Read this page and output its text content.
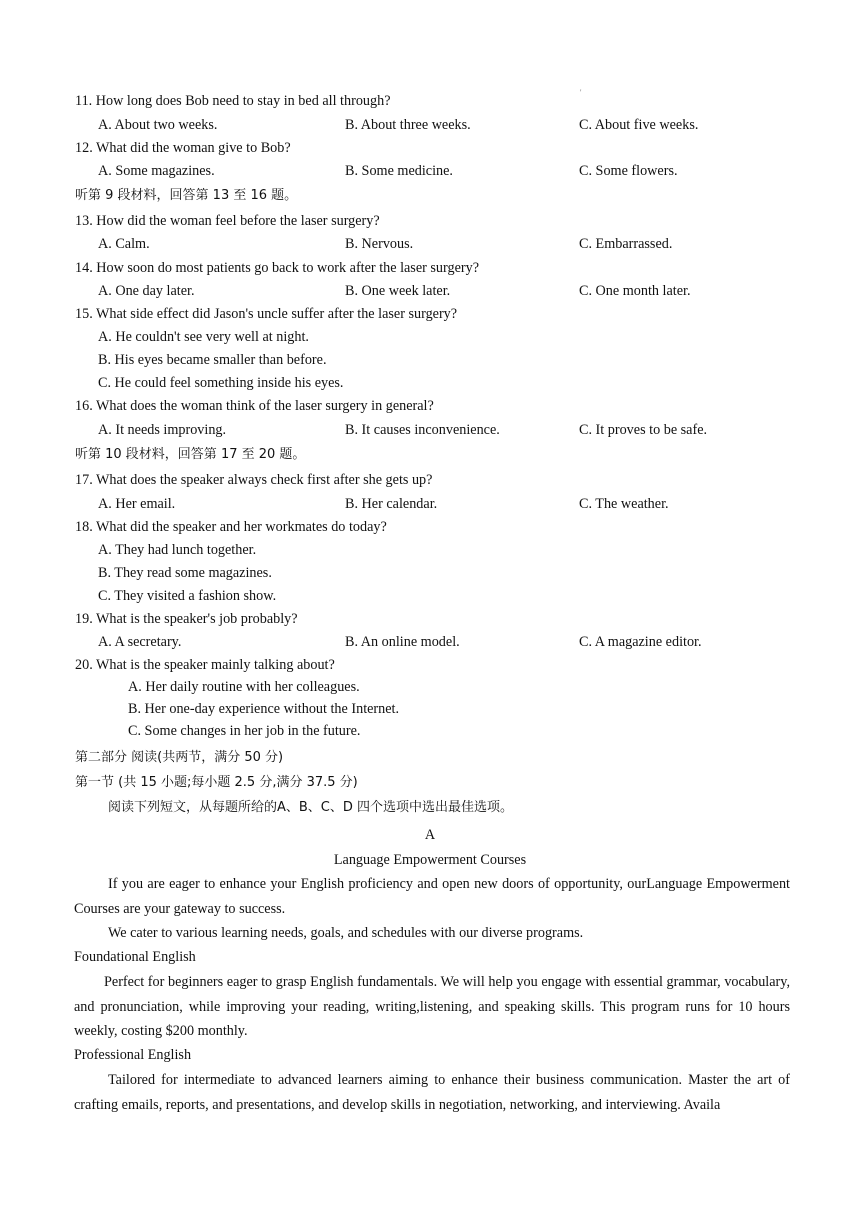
'
11. How long does Bob need to stay in bed all through?
A. About two weeks.	B. About three weeks.	C. About five weeks.
12. What did the woman give to Bob?
A. Some magazines.	B. Some medicine.	C. Some flowers.
听第 9 段材料，回答第 13 至 16 题。
13. How did the woman feel before the laser surgery?
A. Calm.	B. Nervous.	C. Embarrassed.
14. How soon do most patients go back to work after the laser surgery?
A. One day later.	B. One week later.	C. One month later.
15. What side effect did Jason's uncle suffer after the laser surgery?
A. He couldn't see very well at night.
B. His eyes became smaller than before.
C. He could feel something inside his eyes.
16. What does the woman think of the laser surgery in general?
A. It needs improving.	B. It causes inconvenience.	C. It proves to be safe.
听第 10 段材料，回答第 17 至 20 题。
17. What does the speaker always check first after she gets up?
A. Her email.	B. Her calendar.	C. The weather.
18. What did the speaker and her workmates do today?
A. They had lunch together.
B. They read some magazines.
C. They visited a fashion show.
19. What is the speaker's job probably?
A. A secretary.	B. An online model.	C. A magazine editor.
20. What is the speaker mainly talking about?
A. Her daily routine with her colleagues.
B. Her one-day experience without the Internet.
C. Some changes in her job in the future.
第二部分 阅读(共两节，满分 50 分)
第一节 (共 15 小题;每小题 2.5 分,满分 37.5 分)
阅读下列短文，从每题所给的A、B、C、D 四个选项中选出最佳选项。
A
Language Empowerment Courses
If you are eager to enhance your English proficiency and open new doors of opportunity, ourLanguage Empowerment Courses are your gateway to success.
We cater to various learning needs, goals, and schedules with our diverse programs.
Foundational English
Perfect for beginners eager to grasp English fundamentals. We will help you engage with essential grammar, vocabulary, and pronunciation, while improving your reading, writing,listening, and speaking skills. This program runs for 10 hours weekly, costing $200 monthly.
Professional English
Tailored for intermediate to advanced learners aiming to enhance their business communication. Master the art of crafting emails, reports, and presentations, and develop skills in negotiation, networking, and interviewing. Availa
